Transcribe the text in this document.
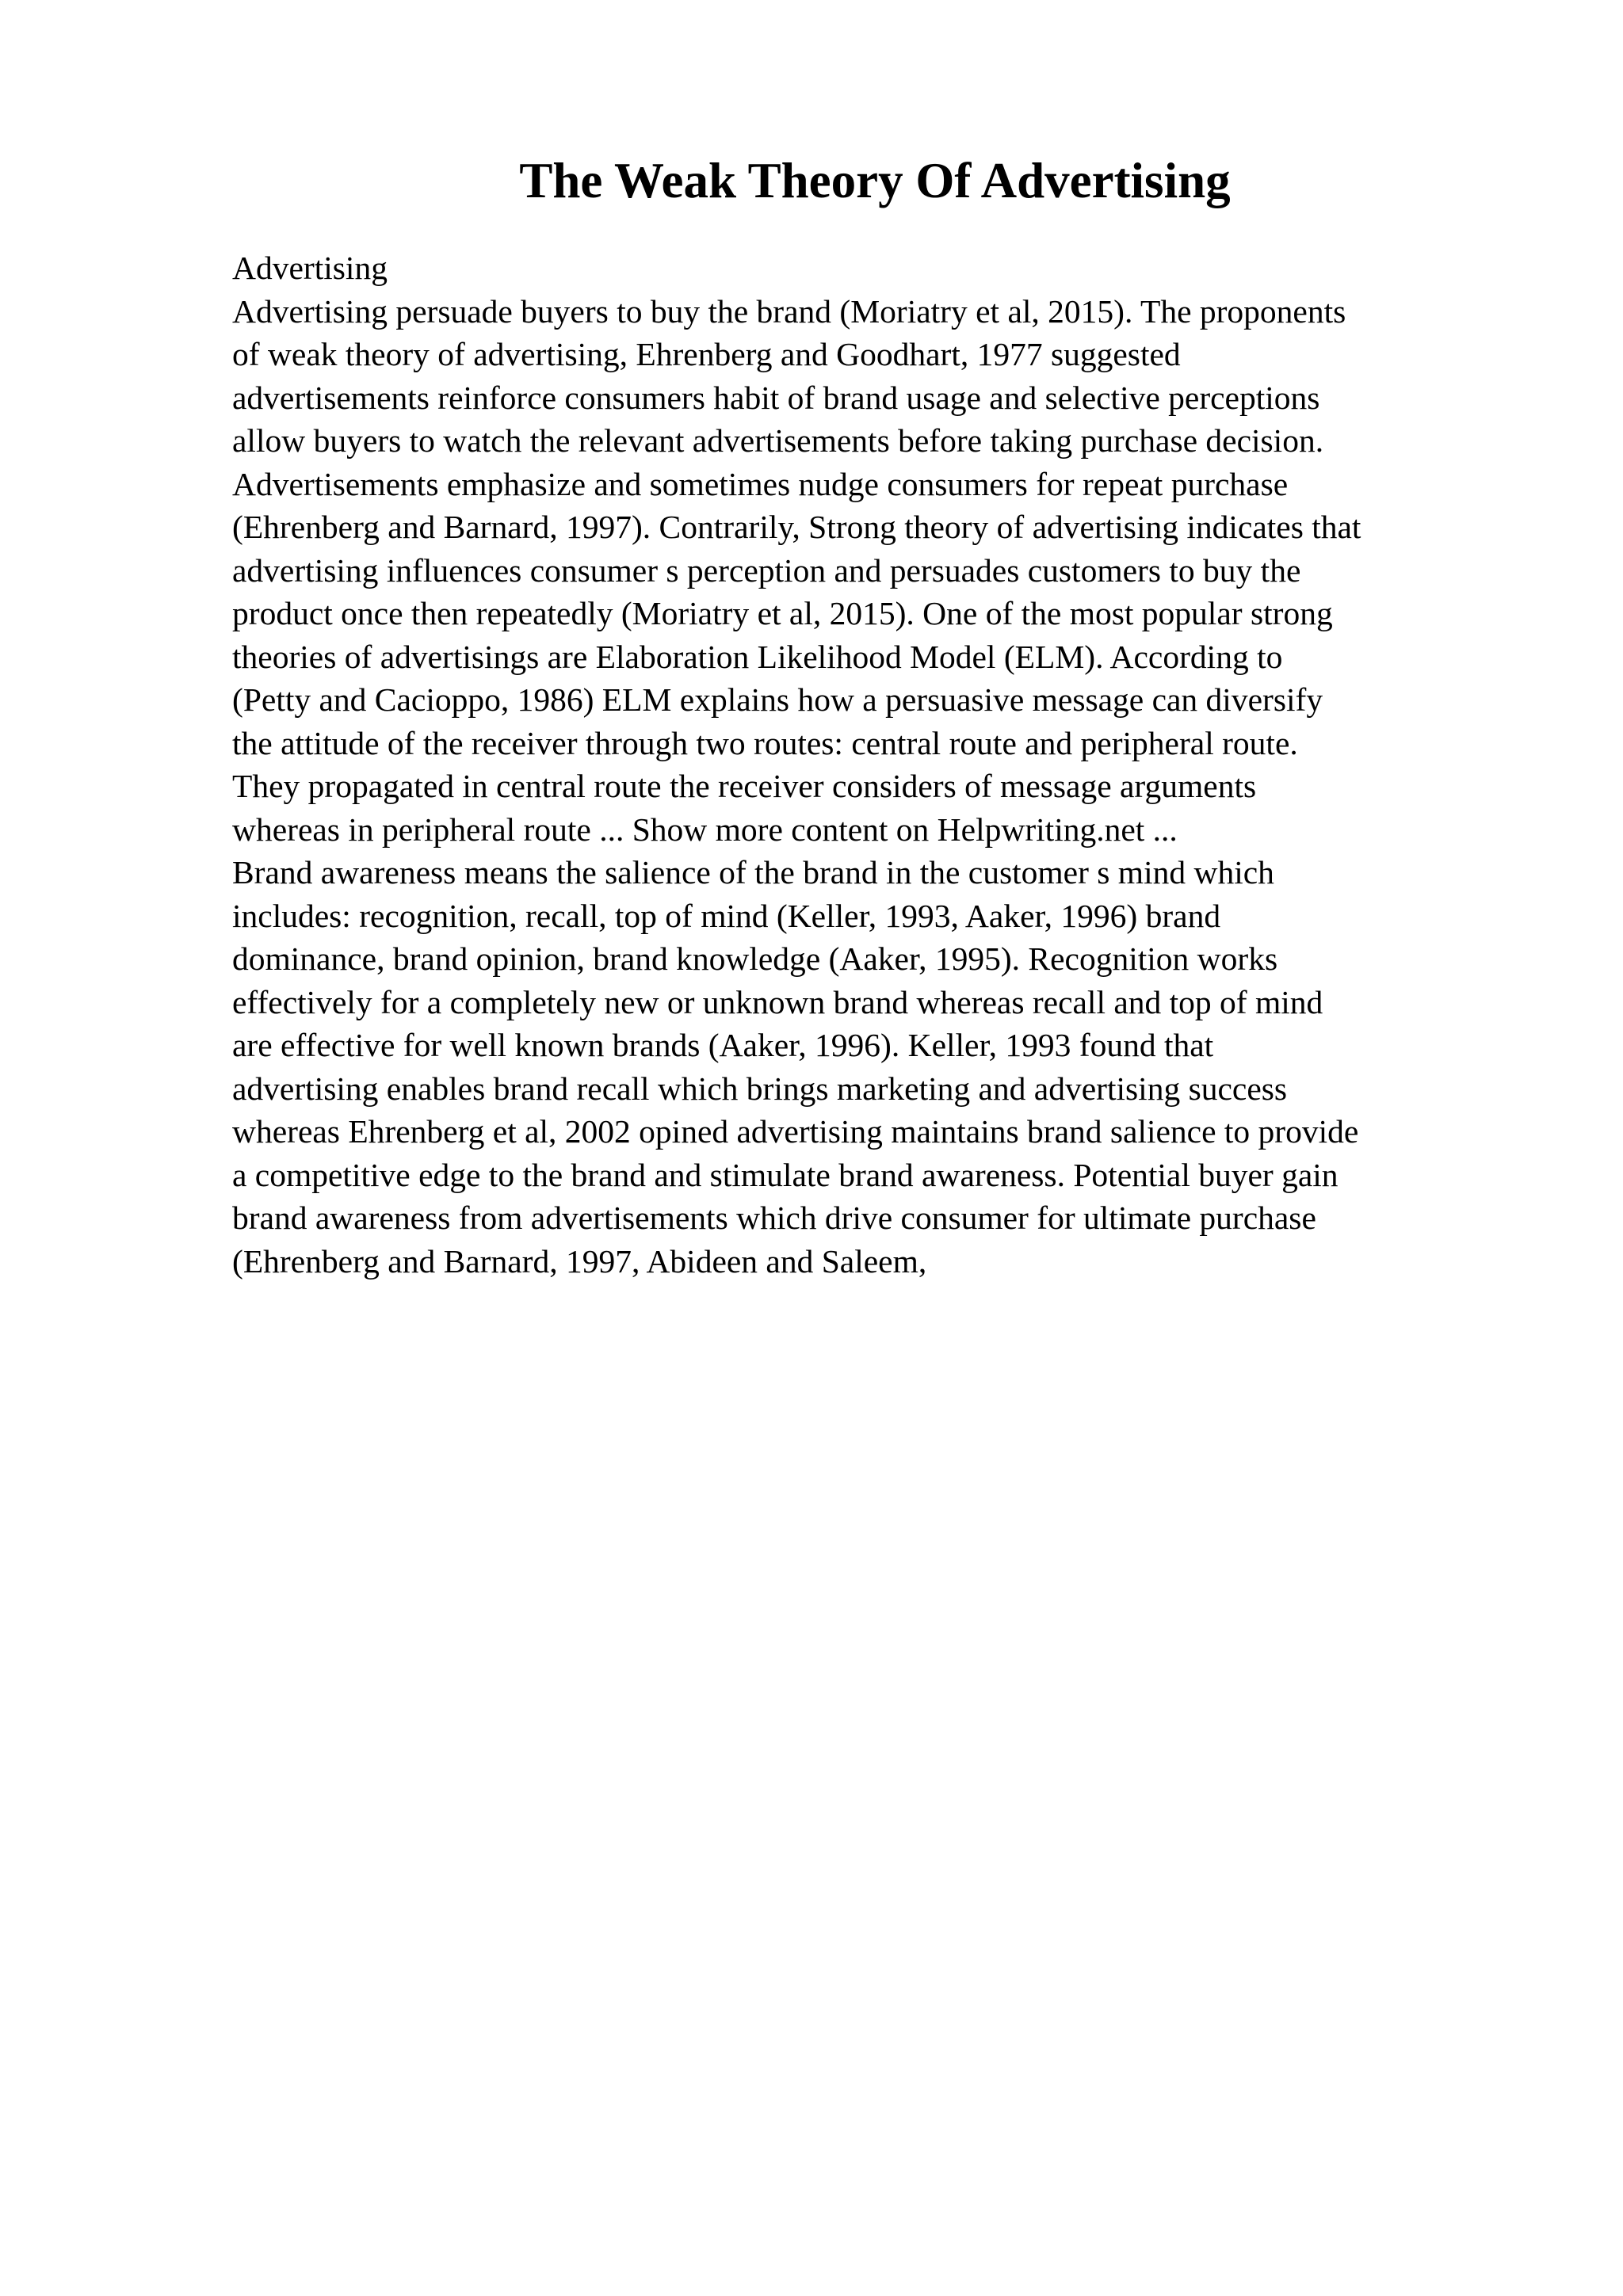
The Weak Theory Of Advertising
Advertising
Advertising persuade buyers to buy the brand (Moriatry et al, 2015). The proponents
of weak theory of advertising, Ehrenberg and Goodhart, 1977 suggested
advertisements reinforce consumers habit of brand usage and selective perceptions
allow buyers to watch the relevant advertisements before taking purchase decision.
Advertisements emphasize and sometimes nudge consumers for repeat purchase
(Ehrenberg and Barnard, 1997). Contrarily, Strong theory of advertising indicates that
advertising influences consumer s perception and persuades customers to buy the
product once then repeatedly (Moriatry et al, 2015). One of the most popular strong
theories of advertisings are Elaboration Likelihood Model (ELM). According to
(Petty and Cacioppo, 1986) ELM explains how a persuasive message can diversify
the attitude of the receiver through two routes: central route and peripheral route.
They propagated in central route the receiver considers of message arguments
whereas in peripheral route ... Show more content on Helpwriting.net ...
Brand awareness means the salience of the brand in the customer s mind which
includes: recognition, recall, top of mind (Keller, 1993, Aaker, 1996) brand
dominance, brand opinion, brand knowledge (Aaker, 1995). Recognition works
effectively for a completely new or unknown brand whereas recall and top of mind
are effective for well known brands (Aaker, 1996). Keller, 1993 found that
advertising enables brand recall which brings marketing and advertising success
whereas Ehrenberg et al, 2002 opined advertising maintains brand salience to provide
a competitive edge to the brand and stimulate brand awareness. Potential buyer gain
brand awareness from advertisements which drive consumer for ultimate purchase
(Ehrenberg and Barnard, 1997, Abideen and Saleem,
